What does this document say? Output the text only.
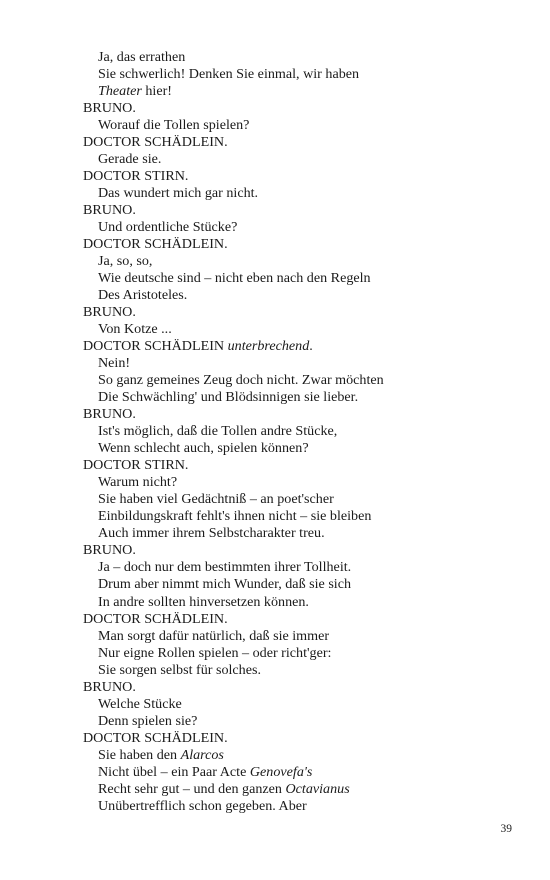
Ja, das errathen
Sie schwerlich! Denken Sie einmal, wir haben
Theater hier!
BRUNO.
Worauf die Tollen spielen?
DOCTOR SCHÄDLEIN.
Gerade sie.
DOCTOR STIRN.
Das wundert mich gar nicht.
BRUNO.
Und ordentliche Stücke?
DOCTOR SCHÄDLEIN.
Ja, so, so,
Wie deutsche sind – nicht eben nach den Regeln
Des Aristoteles.
BRUNO.
Von Kotze ...
DOCTOR SCHÄDLEIN unterbrechend.
Nein!
So ganz gemeines Zeug doch nicht. Zwar möchten
Die Schwächling' und Blödsinnigen sie lieber.
BRUNO.
Ist's möglich, daß die Tollen andre Stücke,
Wenn schlecht auch, spielen können?
DOCTOR STIRN.
Warum nicht?
Sie haben viel Gedächtniß – an poet'scher
Einbildungskraft fehlt's ihnen nicht – sie bleiben
Auch immer ihrem Selbstcharakter treu.
BRUNO.
Ja – doch nur dem bestimmten ihrer Tollheit.
Drum aber nimmt mich Wunder, daß sie sich
In andre sollten hinversetzen können.
DOCTOR SCHÄDLEIN.
Man sorgt dafür natürlich, daß sie immer
Nur eigne Rollen spielen – oder richt'ger:
Sie sorgen selbst für solches.
BRUNO.
Welche Stücke
Denn spielen sie?
DOCTOR SCHÄDLEIN.
Sie haben den Alarcos
Nicht übel – ein Paar Acte Genovefa's
Recht sehr gut – und den ganzen Octavianus
Unübertrefflich schon gegeben. Aber
39
